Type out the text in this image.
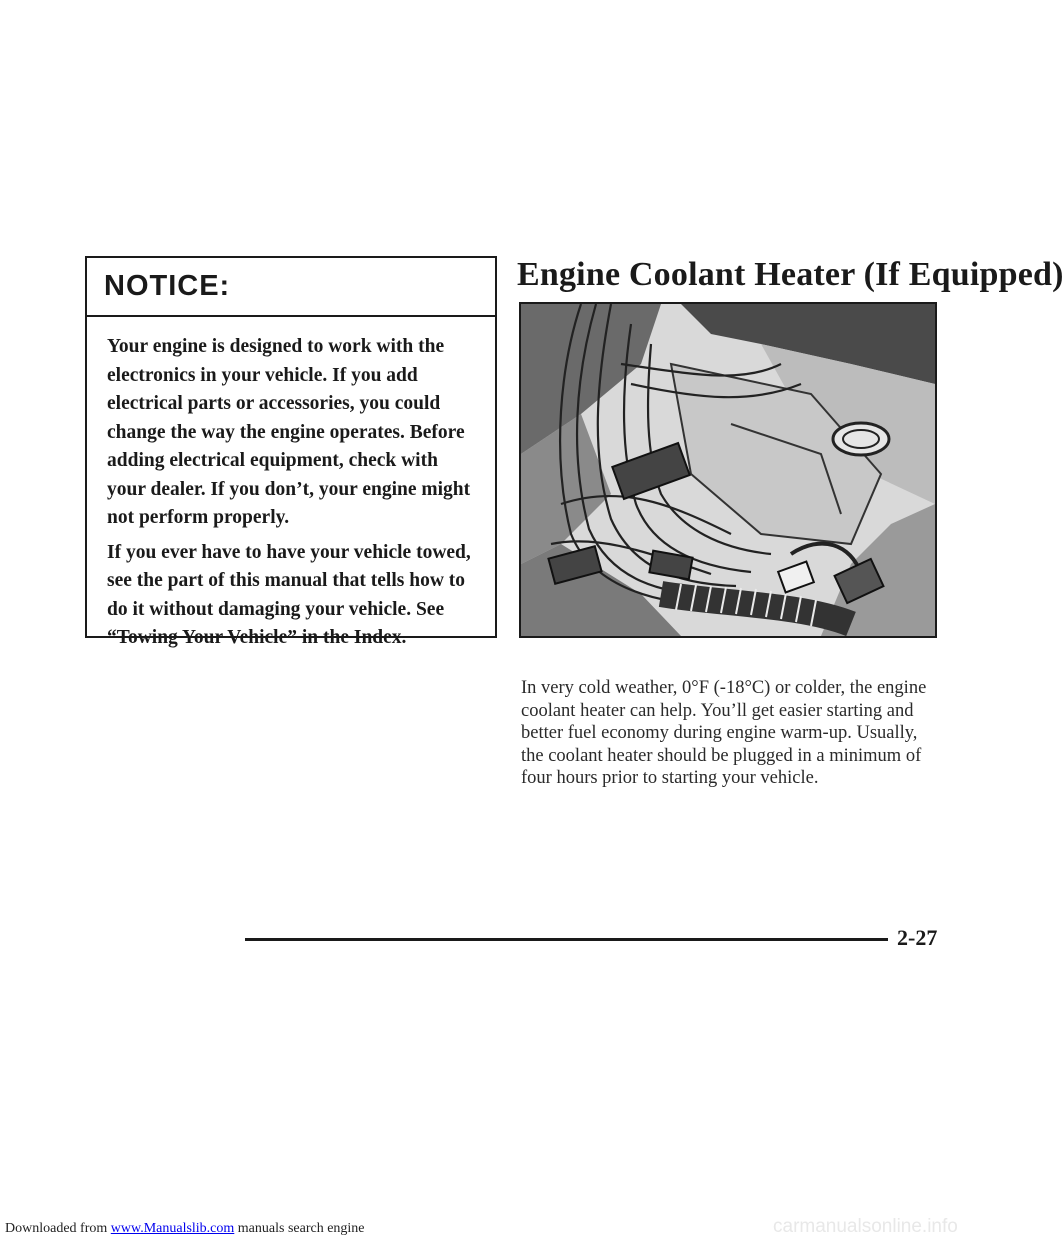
NOTICE:

Your engine is designed to work with the electronics in your vehicle. If you add electrical parts or accessories, you could change the way the engine operates. Before adding electrical equipment, check with your dealer. If you don’t, your engine might not perform properly.

If you ever have to have your vehicle towed, see the part of this manual that tells how to do it without damaging your vehicle. See “Towing Your Vehicle” in the Index.

Engine Coolant Heater (If Equipped)

In very cold weather, 0°F (-18°C) or colder, the engine coolant heater can help. You’ll get easier starting and better fuel economy during engine warm-up. Usually, the coolant heater should be plugged in a minimum of four hours prior to starting your vehicle.

2-27
Downloaded from www.Manualslib.com manuals search engine	carmanualsonline.info
